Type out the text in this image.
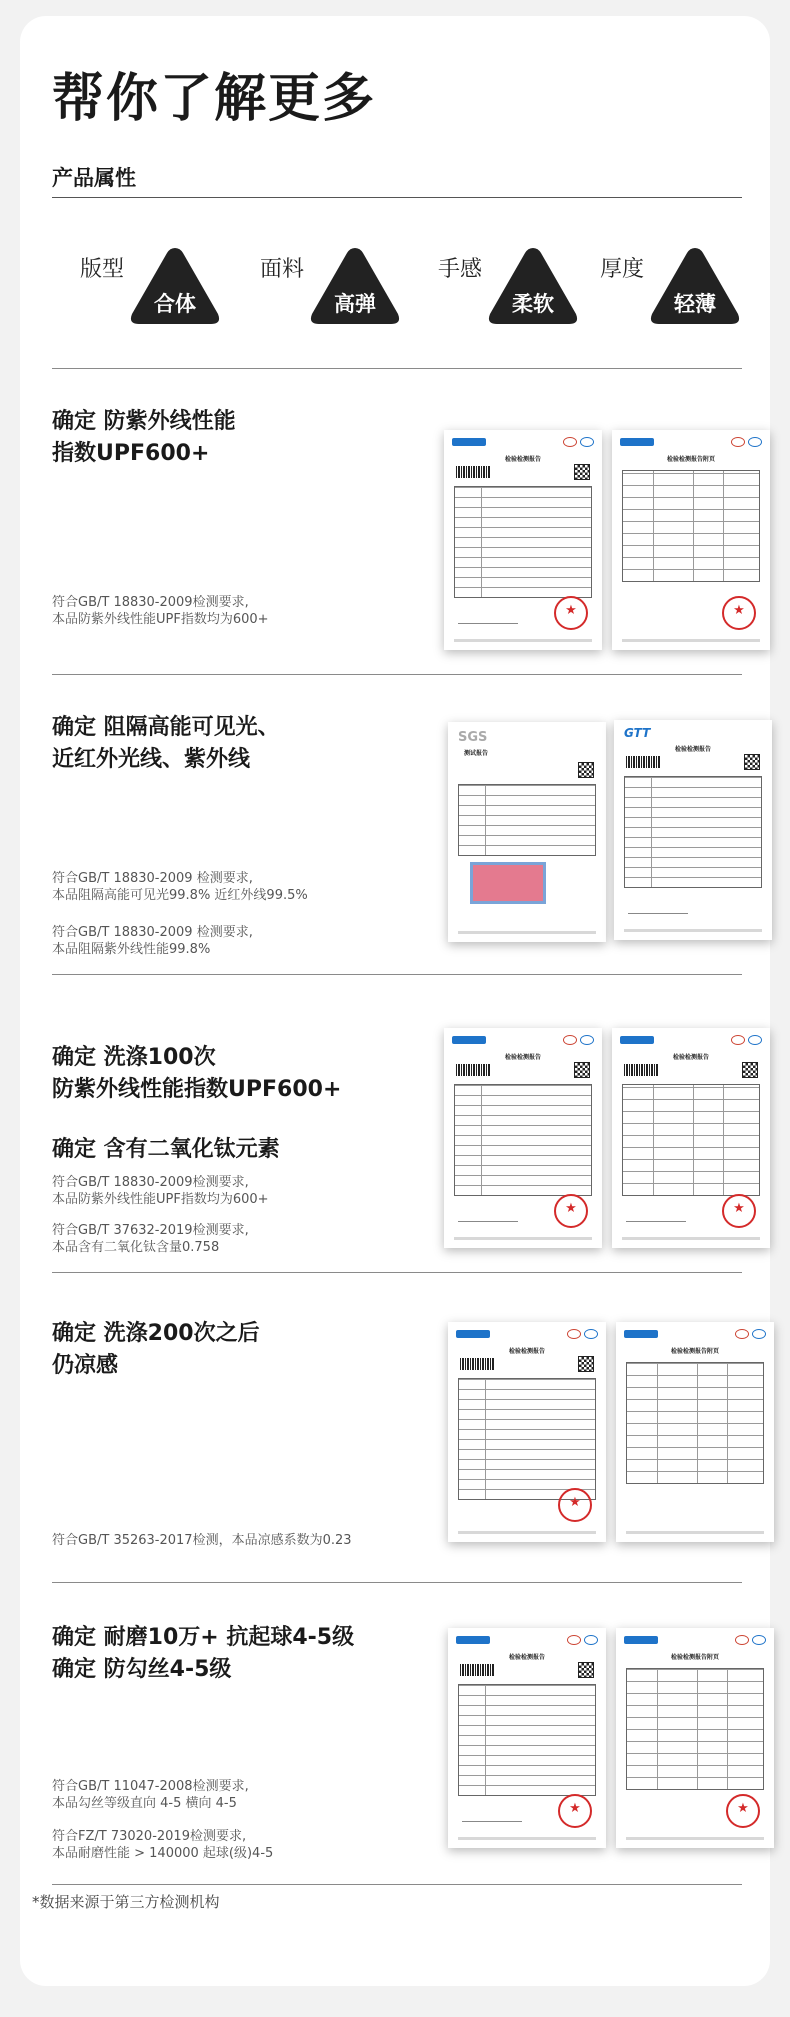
帮你了解更多
产品属性
版型
合体
面料
高弹
手感
柔软
厚度
轻薄

确定 防紫外线性能
指数UPF600+

符合GB/T 18830-2009检测要求,
本品防紫外线性能UPF指数均为600+
检验检测报告
★	检验检测报告附页
★

确定 阻隔高能可见光、
近红外光线、紫外线

符合GB/T 18830-2009 检测要求,
本品阻隔高能可见光99.8% 近红外线99.5%
符合GB/T 18830-2009 检测要求,
本品阻隔紫外线性能99.8%
SGS
测试报告
GTT
检验检测报告

确定 洗涤100次
防紫外线性能指数UPF600+

确定 含有二氧化钛元素

符合GB/T 18830-2009检测要求,
本品防紫外线性能UPF指数均为600+
符合GB/T 37632-2019检测要求,
本品含有二氧化钛含量0.758
检验检测报告
★	检验检测报告
★

确定 洗涤200次之后
仍凉感

符合GB/T 35263-2017检测，本品凉感系数为0.23
检验检测报告
★	检验检测报告附页

确定 耐磨10万+ 抗起球4-5级
确定 防勾丝4-5级

符合GB/T 11047-2008检测要求,
本品勾丝等级直向 4-5 横向 4-5
符合FZ/T 73020-2019检测要求,
本品耐磨性能 > 140000 起球(级)4-5
检验检测报告
★	检验检测报告附页
★
*数据来源于第三方检测机构
